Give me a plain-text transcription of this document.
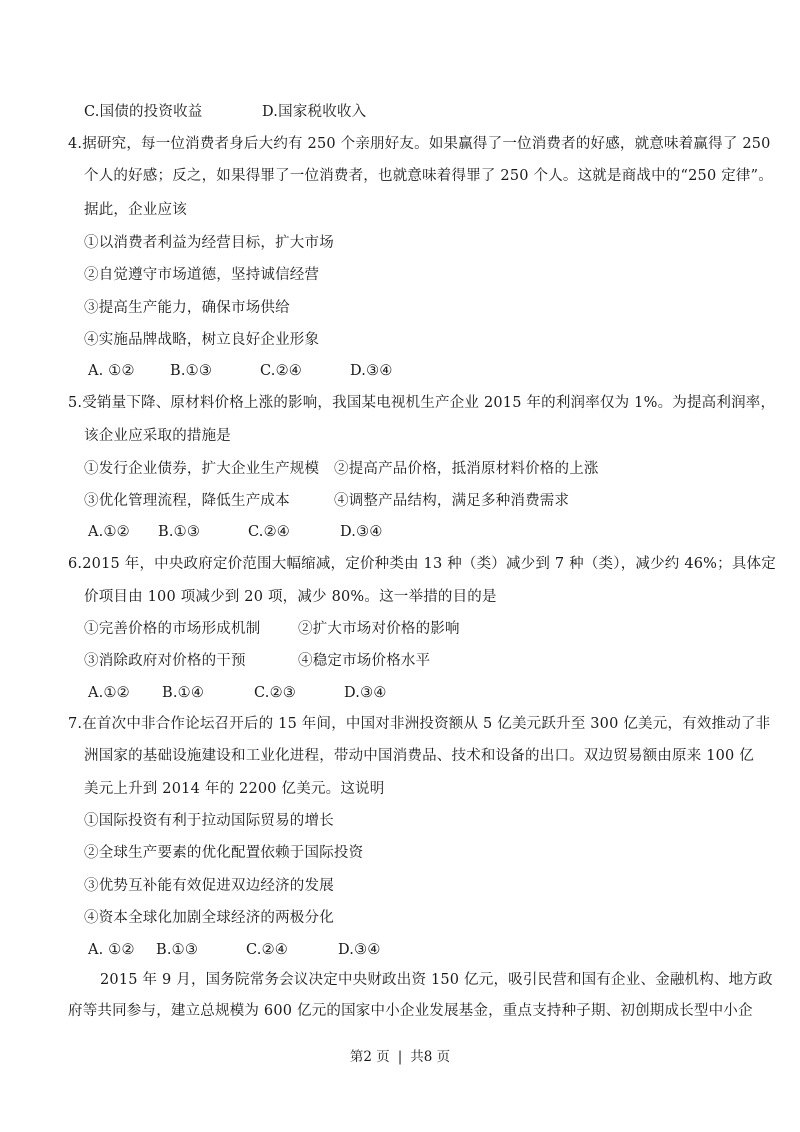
C.国债的投资收益	D.国家税收收入
4.据研究，每一位消费者身后大约有 250 个亲朋好友。如果赢得了一位消费者的好感，就意味着赢得了 250
个人的好感；反之，如果得罪了一位消费者，也就意味着得罪了 250 个人。这就是商战中的“250 定律”。
据此，企业应该
①以消费者利益为经营目标，扩大市场
②自觉遵守市场道德，坚持诚信经营
③提高生产能力，确保市场供给
④实施品牌战略，树立良好企业形象
A. ①② B.①③	C.②④	D.③④
5.受销量下降、原材料价格上涨的影响，我国某电视机生产企业 2015 年的利润率仅为 1%。为提高利润率，
该企业应采取的措施是
①发行企业债券，扩大企业生产规模 ②提高产品价格，抵消原材料价格的上涨
③优化管理流程，降低生产成本	④调整产品结构，满足多种消费需求
A.①② B.①③	C.②④	D.③④
6.2015 年，中央政府定价范围大幅缩减，定价种类由 13 种（类）减少到 7 种（类），减少约 46%；具体定
价项目由 100 项减少到 20 项，减少 80%。这一举措的目的是
①完善价格的市场形成机制	②扩大市场对价格的影响
③消除政府对价格的干预	④稳定市场价格水平
A.①② B.①④	C.②③	D.③④
7.在首次中非合作论坛召开后的 15 年间，中国对非洲投资额从 5 亿美元跃升至 300 亿美元，有效推动了非
洲国家的基础设施建设和工业化进程，带动中国消费品、技术和设备的出口。双边贸易额由原来 100 亿
美元上升到 2014 年的 2200 亿美元。这说明
①国际投资有利于拉动国际贸易的增长
②全球生产要素的优化配置依赖于国际投资
③优势互补能有效促进双边经济的发展
④资本全球化加剧全球经济的两极分化
A. ①② B.①③	C.②④	D.③④
2015 年 9 月，国务院常务会议决定中央财政出资 150 亿元，吸引民营和国有企业、金融机构、地方政
府等共同参与，建立总规模为 600 亿元的国家中小企业发展基金，重点支持种子期、初创期成长型中小企
第2 页 | 共8 页
